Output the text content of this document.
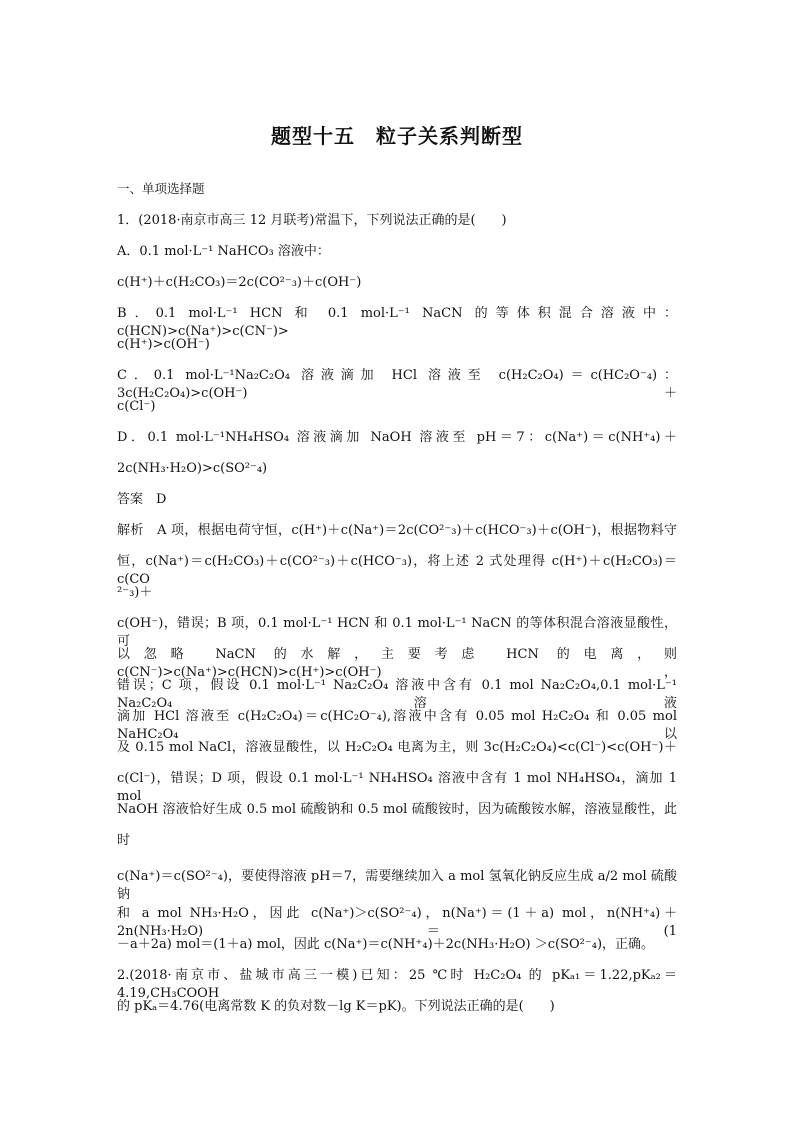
题型十五　粒子关系判断型
一、单项选择题
1．(2018·南京市高三 12 月联考)常温下，下列说法正确的是(　　)
A．0.1 mol·L⁻¹ NaHCO₃ 溶液中：
c(H⁺)＋c(H₂CO₃)＝2c(CO²⁻₃)＋c(OH⁻)
B．0.1 mol·L⁻¹ HCN 和 0.1 mol·L⁻¹ NaCN 的等体积混合溶液中：c(HCN)>c(Na⁺)>c(CN⁻)>
c(H⁺)>c(OH⁻)
C．0.1 mol·L⁻¹Na₂C₂O₄ 溶液滴加 HCl 溶液至 c(H₂C₂O₄)＝c(HC₂O⁻₄)：3c(H₂C₂O₄)>c(OH⁻)＋
c(Cl⁻)
D．0.1 mol·L⁻¹NH₄HSO₄ 溶液滴加 NaOH 溶液至 pH＝7：c(Na⁺)＝c(NH⁺₄)＋
2c(NH₃·H₂O)>c(SO²⁻₄)
答案　D
解析　A 项，根据电荷守恒，c(H⁺)＋c(Na⁺)＝2c(CO²⁻₃)＋c(HCO⁻₃)＋c(OH⁻)，根据物料守
恒，c(Na⁺)＝c(H₂CO₃)＋c(CO²⁻₃)＋c(HCO⁻₃)，将上述 2 式处理得 c(H⁺)＋c(H₂CO₃)＝c(CO
²⁻₃)＋
c(OH⁻)，错误；B 项，0.1 mol·L⁻¹ HCN 和 0.1 mol·L⁻¹ NaCN 的等体积混合溶液显酸性，可
以忽略 NaCN 的水解，主要考虑 HCN 的电离，则 c(CN⁻)>c(Na⁺)>c(HCN)>c(H⁺)>c(OH⁻)，
错误；C 项，假设 0.1 mol·L⁻¹ Na₂C₂O₄ 溶液中含有 0.1 mol Na₂C₂O₄,0.1 mol·L⁻¹ Na₂C₂O₄ 溶液
滴加 HCl 溶液至 c(H₂C₂O₄)＝c(HC₂O⁻₄),溶液中含有 0.05 mol H₂C₂O₄ 和 0.05 mol NaHC₂O₄ 以
及 0.15 mol NaCl，溶液显酸性，以 H₂C₂O₄ 电离为主，则 3c(H₂C₂O₄)<c(Cl⁻)<c(OH⁻)＋
c(Cl⁻)，错误；D 项，假设 0.1 mol·L⁻¹ NH₄HSO₄ 溶液中含有 1 mol NH₄HSO₄，滴加 1 mol
NaOH 溶液恰好生成 0.5 mol 硫酸钠和 0.5 mol 硫酸铵时，因为硫酸铵水解，溶液显酸性，此
时
c(Na⁺)＝c(SO²⁻₄)，要使得溶液 pH＝7，需要继续加入 a mol 氢氧化钠反应生成 a/2 mol 硫酸钠
和 a mol NH₃·H₂O，因此 c(Na⁺)＞c(SO²⁻₄)，n(Na⁺)＝(1＋a) mol，n(NH⁺₄)＋2n(NH₃·H₂O)＝(1
－a＋2a) mol＝(1＋a) mol，因此 c(Na⁺)＝c(NH⁺₄)＋2c(NH₃·H₂O) ＞c(SO²⁻₄)，正确。
2.(2018·南京市、盐城市高三一模)已知：25 ℃时 H₂C₂O₄ 的 pKₐ₁＝1.22,pKₐ₂＝4.19,CH₃COOH
的 pKₐ＝4.76(电离常数 K 的负对数－lg K＝pK)。下列说法正确的是(　　)
